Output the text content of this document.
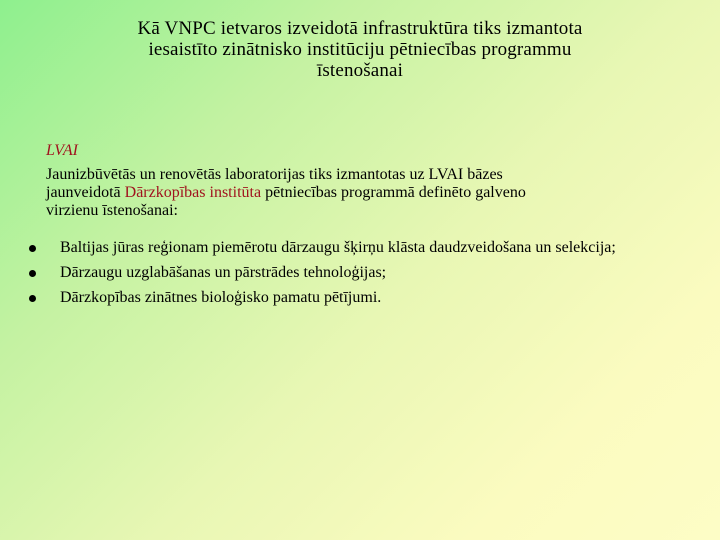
Kā VNPC ietvaros izveidotā infrastruktūra tiks izmantota
iesaistīto zinātnisko institūciju pētniecības programmu
īstenošanai
LVAI
Jaunizbūvētās un renovētās laboratorijas tiks izmantotas uz LVAI bāzes
jaunveidotā Dārzkopības institūta pētniecības programmā definēto galveno
virzienu īstenošanai:
Baltijas jūras reģionam piemērotu dārzaugu šķirņu klāsta daudzveidošana un selekcija;
Dārzaugu uzglabāšanas un pārstrādes tehnoloģijas;
Dārzkopības zinātnes bioloģisko pamatu pētījumi.
